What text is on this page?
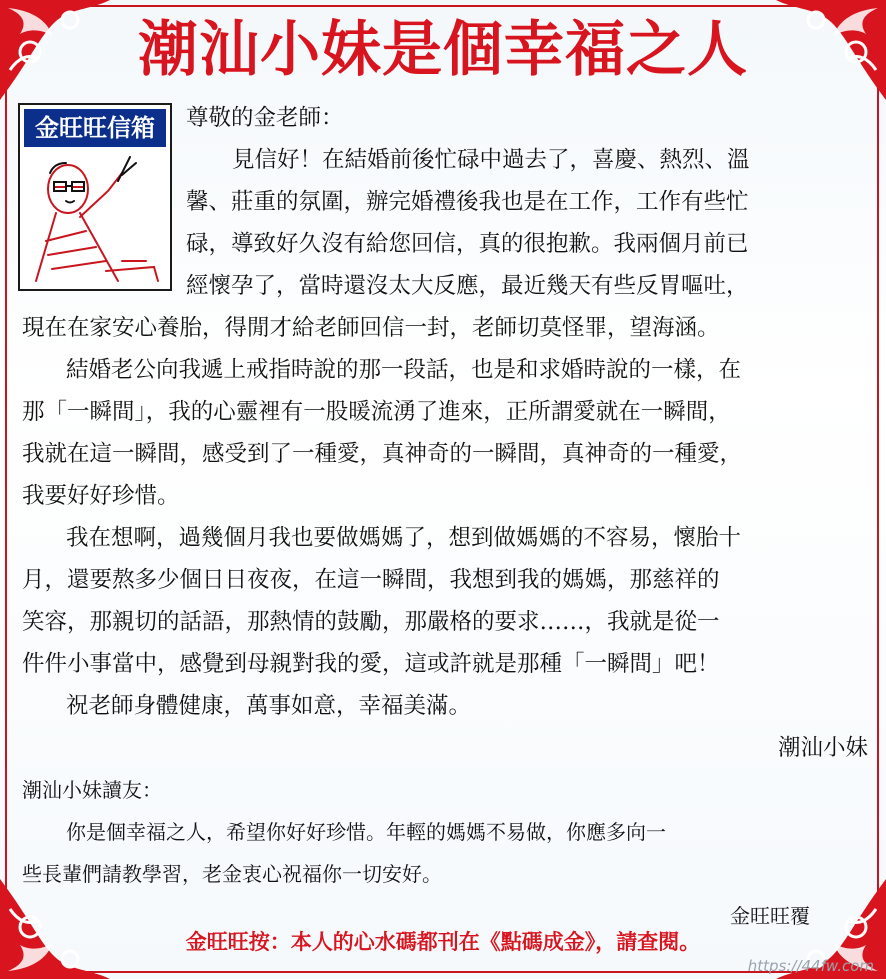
潮汕小妹是個幸福之人
金旺旺信箱	尊敬的金老師：
見信好！在結婚前後忙碌中過去了，喜慶、熱烈、溫
馨、莊重的氛圍，辦完婚禮後我也是在工作，工作有些忙
碌，導致好久沒有給您回信，真的很抱歉。我兩個月前已
經懷孕了，當時還沒太大反應，最近幾天有些反胃嘔吐，
現在在家安心養胎，得閒才給老師回信一封，老師切莫怪罪，望海涵。
結婚老公向我遞上戒指時說的那一段話，也是和求婚時說的一樣，在
那「一瞬間」，我的心靈裡有一股暖流湧了進來，正所謂愛就在一瞬間，
我就在這一瞬間，感受到了一種愛，真神奇的一瞬間，真神奇的一種愛，
我要好好珍惜。
我在想啊，過幾個月我也要做媽媽了，想到做媽媽的不容易，懷胎十
月，還要熬多少個日日夜夜，在這一瞬間，我想到我的媽媽，那慈祥的
笑容，那親切的話語，那熱情的鼓勵，那嚴格的要求……，我就是從一
件件小事當中，感覺到母親對我的愛，這或許就是那種「一瞬間」吧！
祝老師身體健康，萬事如意，幸福美滿。
潮汕小妹
潮汕小妹讀友：
你是個幸福之人，希望你好好珍惜。年輕的媽媽不易做，你應多向一
些長輩們請教學習，老金衷心祝福你一切安好。
金旺旺覆
金旺旺按：本人的心水碼都刊在《點碼成金》，請查閱。
https://44fw.com
